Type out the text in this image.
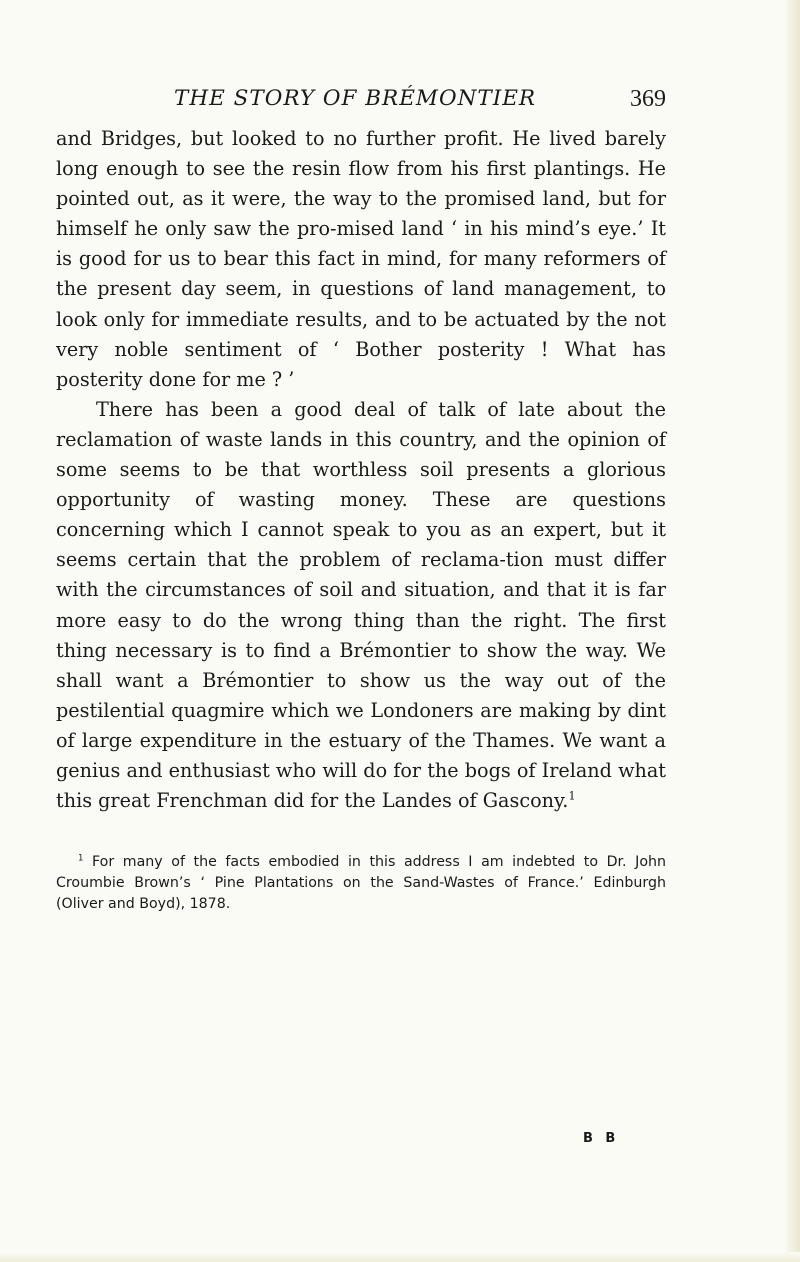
THE STORY OF BRÉMONTIER	369

and Bridges, but looked to no further profit. He lived barely long enough to see the resin flow from his first plantings. He pointed out, as it were, the way to the promised land, but for himself he only saw the pro-mised land ‘ in his mind’s eye.’ It is good for us to bear this fact in mind, for many reformers of the present day seem, in questions of land management, to look only for immediate results, and to be actuated by the not very noble sentiment of ‘ Bother posterity ! What has posterity done for me ? ’

There has been a good deal of talk of late about the reclamation of waste lands in this country, and the opinion of some seems to be that worthless soil presents a glorious opportunity of wasting money. These are questions concerning which I cannot speak to you as an expert, but it seems certain that the problem of reclama-tion must differ with the circumstances of soil and situation, and that it is far more easy to do the wrong thing than the right. The first thing necessary is to find a Brémontier to show the way. We shall want a Brémontier to show us the way out of the pestilential quagmire which we Londoners are making by dint of large expenditure in the estuary of the Thames. We want a genius and enthusiast who will do for the bogs of Ireland what this great Frenchman did for the Landes of Gascony.$^1$

$^1$ For many of the facts embodied in this address I am indebted to Dr. John Croumbie Brown’s ‘ Pine Plantations on the Sand-Wastes of France.’ Edinburgh (Oliver and Boyd), 1878.

B B
